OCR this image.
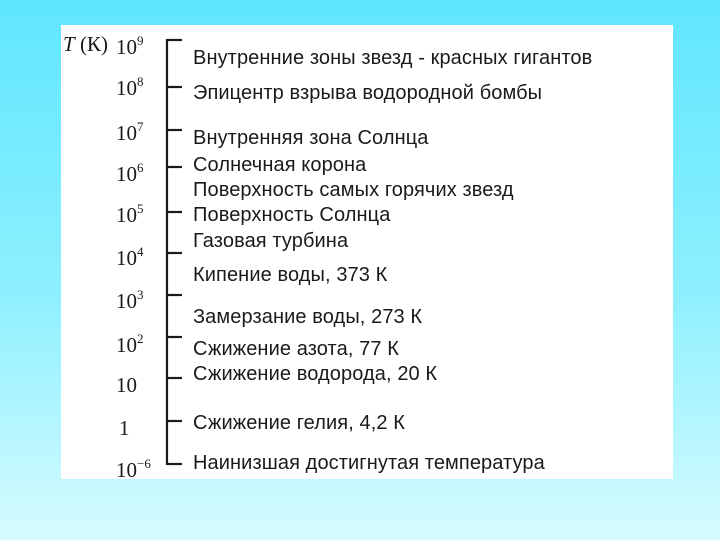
T (К) $10^9$
$10^8$
$10^7$
$10^6$
$10^5$
$10^4$
$10^3$
$10^2$
10
1
$10^{-6}$
Внутренние зоны звезд - красных гигантов
Эпицентр взрыва водородной бомбы
Внутренняя зона Солнца
Солнечная корона
Поверхность самых горячих звезд
Поверхность Солнца
Газовая турбина
Кипение воды, 373 К
Замерзание воды, 273 К
Сжижение азота, 77 К
Сжижение водорода, 20 К
Сжижение гелия, 4,2 К
Наинизшая достигнутая температура
